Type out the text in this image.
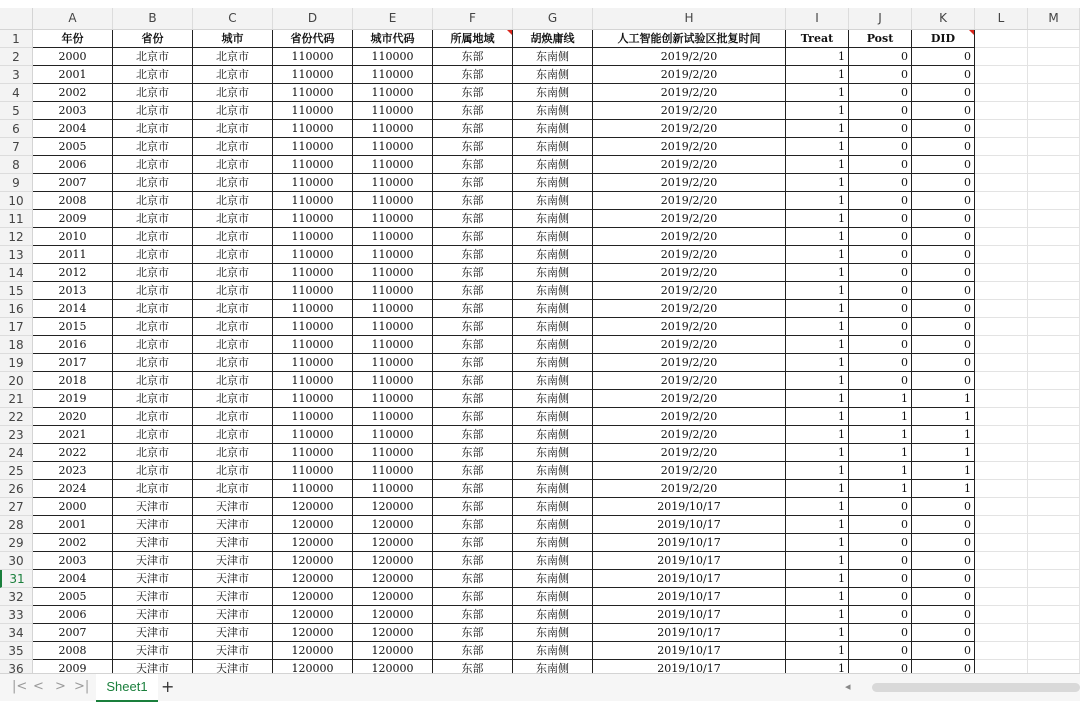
A	B	C	D	E	F	G	H	I	J	K	L	M
1
2
3
4
5
6
7
8
9
10
11
12
13
14
15
16
17
18
19
20
21
22
23
24
25
26
27
28
29
30
31
32
33
34
35
36
年份	省份	城市	省份代码	城市代码	所属地域	胡焕庸线	人工智能创新试验区批复时间	Treat	Post	DID
2000	北京市	北京市	110000	110000	东部	东南侧	2019/2/20	1	0	0
2001	北京市	北京市	110000	110000	东部	东南侧	2019/2/20	1	0	0
2002	北京市	北京市	110000	110000	东部	东南侧	2019/2/20	1	0	0
2003	北京市	北京市	110000	110000	东部	东南侧	2019/2/20	1	0	0
2004	北京市	北京市	110000	110000	东部	东南侧	2019/2/20	1	0	0
2005	北京市	北京市	110000	110000	东部	东南侧	2019/2/20	1	0	0
2006	北京市	北京市	110000	110000	东部	东南侧	2019/2/20	1	0	0
2007	北京市	北京市	110000	110000	东部	东南侧	2019/2/20	1	0	0
2008	北京市	北京市	110000	110000	东部	东南侧	2019/2/20	1	0	0
2009	北京市	北京市	110000	110000	东部	东南侧	2019/2/20	1	0	0
2010	北京市	北京市	110000	110000	东部	东南侧	2019/2/20	1	0	0
2011	北京市	北京市	110000	110000	东部	东南侧	2019/2/20	1	0	0
2012	北京市	北京市	110000	110000	东部	东南侧	2019/2/20	1	0	0
2013	北京市	北京市	110000	110000	东部	东南侧	2019/2/20	1	0	0
2014	北京市	北京市	110000	110000	东部	东南侧	2019/2/20	1	0	0
2015	北京市	北京市	110000	110000	东部	东南侧	2019/2/20	1	0	0
2016	北京市	北京市	110000	110000	东部	东南侧	2019/2/20	1	0	0
2017	北京市	北京市	110000	110000	东部	东南侧	2019/2/20	1	0	0
2018	北京市	北京市	110000	110000	东部	东南侧	2019/2/20	1	0	0
2019	北京市	北京市	110000	110000	东部	东南侧	2019/2/20	1	1	1
2020	北京市	北京市	110000	110000	东部	东南侧	2019/2/20	1	1	1
2021	北京市	北京市	110000	110000	东部	东南侧	2019/2/20	1	1	1
2022	北京市	北京市	110000	110000	东部	东南侧	2019/2/20	1	1	1
2023	北京市	北京市	110000	110000	东部	东南侧	2019/2/20	1	1	1
2024	北京市	北京市	110000	110000	东部	东南侧	2019/2/20	1	1	1
2000	天津市	天津市	120000	120000	东部	东南侧	2019/10/17	1	0	0
2001	天津市	天津市	120000	120000	东部	东南侧	2019/10/17	1	0	0
2002	天津市	天津市	120000	120000	东部	东南侧	2019/10/17	1	0	0
2003	天津市	天津市	120000	120000	东部	东南侧	2019/10/17	1	0	0
2004	天津市	天津市	120000	120000	东部	东南侧	2019/10/17	1	0	0
2005	天津市	天津市	120000	120000	东部	东南侧	2019/10/17	1	0	0
2006	天津市	天津市	120000	120000	东部	东南侧	2019/10/17	1	0	0
2007	天津市	天津市	120000	120000	东部	东南侧	2019/10/17	1	0	0
2008	天津市	天津市	120000	120000	东部	东南侧	2019/10/17	1	0	0
2009	天津市	天津市	120000	120000	东部	东南侧	2019/10/17	1	0	0
|< < > >|	Sheet1 +	◂
